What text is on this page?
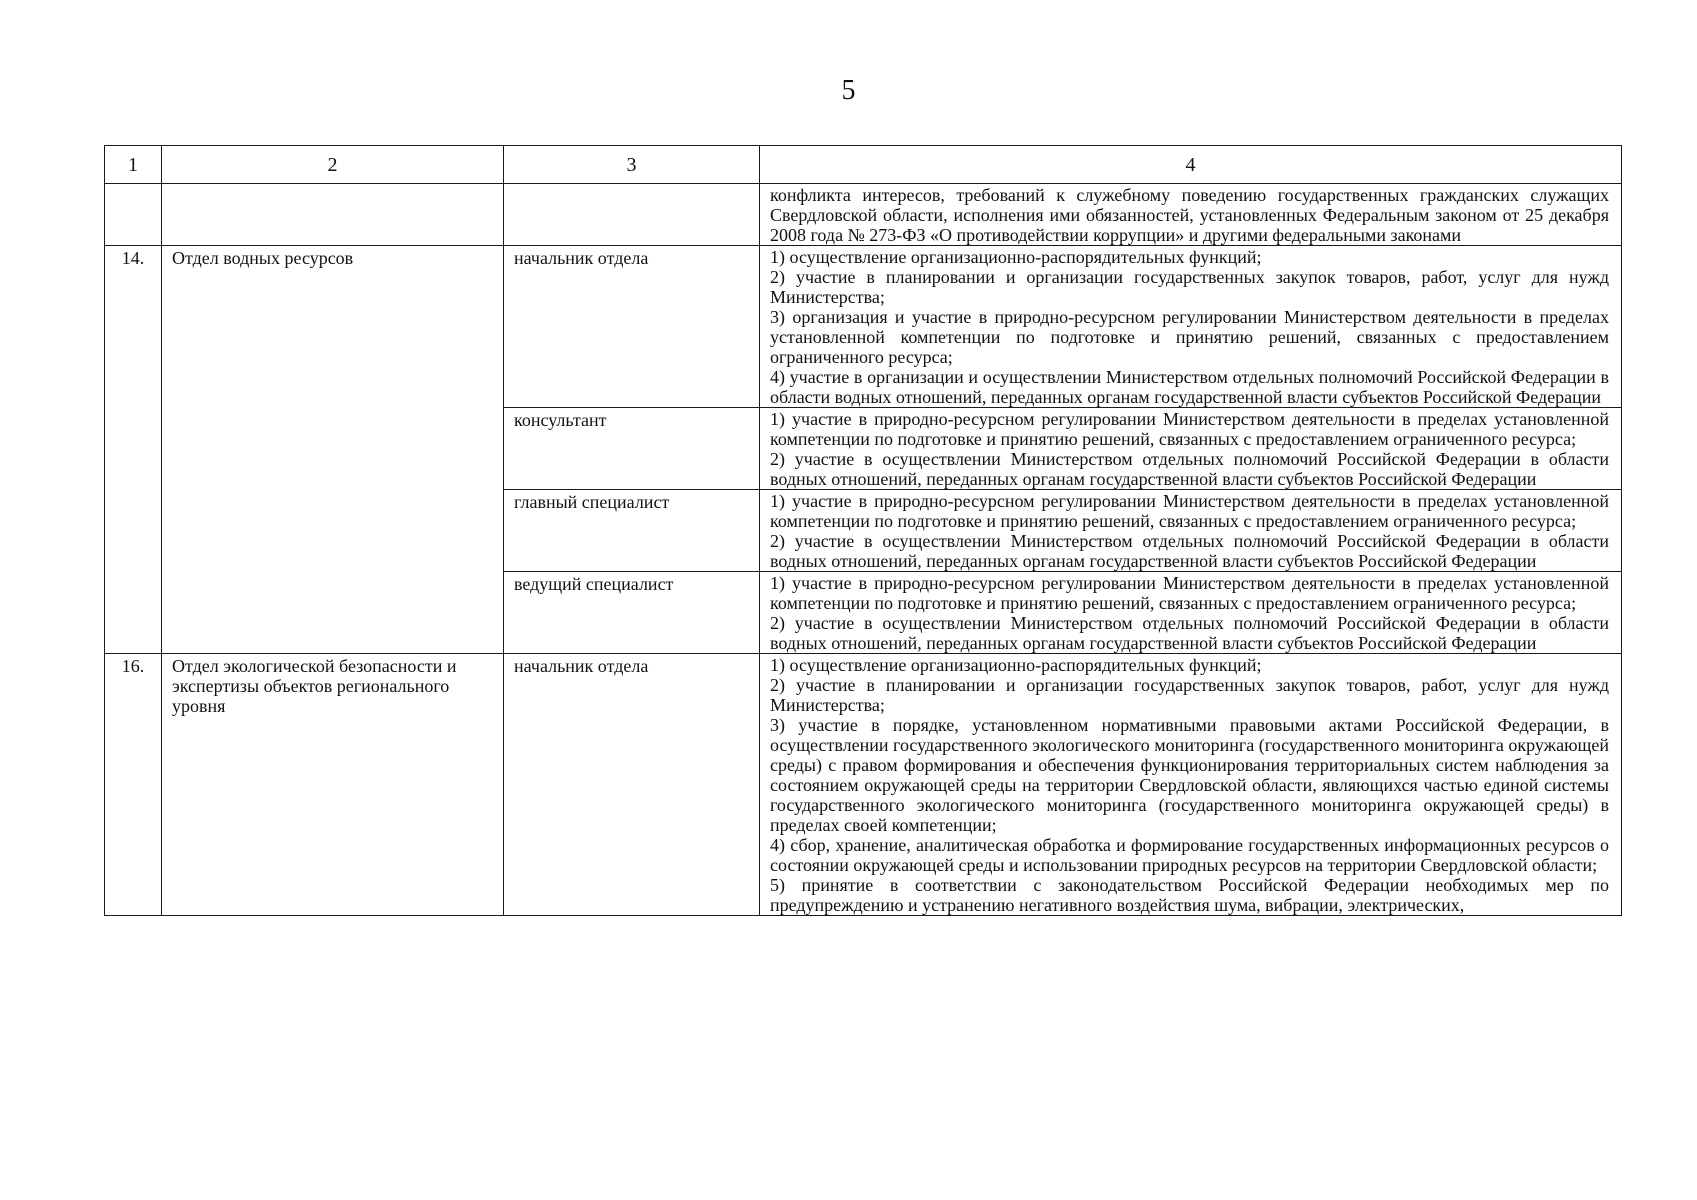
5
1	2	3	4
			конфликта интересов, требований к служебному поведению государственных гражданских служащих Свердловской области, исполнения ими обязанностей, установленных Федеральным законом от 25 декабря 2008 года № 273-ФЗ «О противодействии коррупции» и другими федеральными законами
14.	Отдел водных ресурсов	начальник отдела	1) осуществление организационно-распорядительных функций;
2) участие в планировании и организации государственных закупок товаров, работ, услуг для нужд Министерства;
3) организация и участие в природно-ресурсном регулировании Министерством деятельности в пределах установленной компетенции по подготовке и принятию решений, связанных с предоставлением ограниченного ресурса;
4) участие в организации и осуществлении Министерством отдельных полномочий Российской Федерации в области водных отношений, переданных органам государственной власти субъектов Российской Федерации

		консультант	1) участие в природно-ресурсном регулировании Министерством деятельности в пределах установленной компетенции по подготовке и принятию решений, связанных с предоставлением ограниченного ресурса;
2) участие в осуществлении Министерством отдельных полномочий Российской Федерации в области водных отношений, переданных органам государственной власти субъектов Российской Федерации

		главный специалист	1) участие в природно-ресурсном регулировании Министерством деятельности в пределах установленной компетенции по подготовке и принятию решений, связанных с предоставлением ограниченного ресурса;
2) участие в осуществлении Министерством отдельных полномочий Российской Федерации в области водных отношений, переданных органам государственной власти субъектов Российской Федерации

		ведущий специалист	1) участие в природно-ресурсном регулировании Министерством деятельности в пределах установленной компетенции по подготовке и принятию решений, связанных с предоставлением ограниченного ресурса;
2) участие в осуществлении Министерством отдельных полномочий Российской Федерации в области водных отношений, переданных органам государственной власти субъектов Российской Федерации

16.	Отдел экологической безопасности и экспертизы объектов регионального уровня	начальник отдела	1) осуществление организационно-распорядительных функций;
2) участие в планировании и организации государственных закупок товаров, работ, услуг для нужд Министерства;
3) участие в порядке, установленном нормативными правовыми актами Российской Федерации, в осуществлении государственного экологического мониторинга (государственного мониторинга окружающей среды) с правом формирования и обеспечения функционирования территориальных систем наблюдения за состоянием окружающей среды на территории Свердловской области, являющихся частью единой системы государственного экологического мониторинга (государственного мониторинга окружающей среды) в пределах своей компетенции;
4) сбор, хранение, аналитическая обработка и формирование государственных информационных ресурсов о состоянии окружающей среды и использовании природных ресурсов на территории Свердловской области;
5) принятие в соответствии с законодательством Российской Федерации необходимых мер по предупреждению и устранению негативного воздействия шума, вибрации, электрических,
